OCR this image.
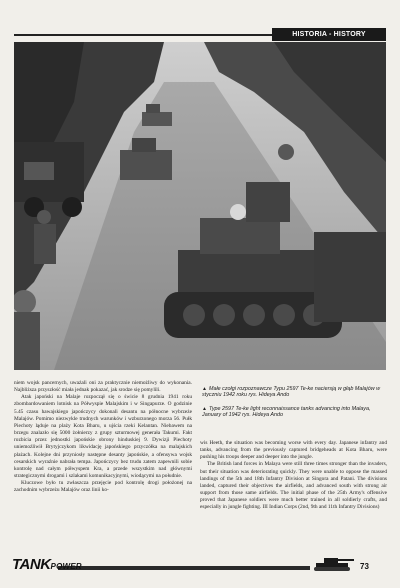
HISTORIA - HISTORY
▲ Małe czołgi rozpoznawcze Typu 2597 Te-ke naciersją w głąb Malajów w styczniu 1942 roku rys. Hideya Ando
▲ Type 2597 Te-ke light reconnaissance tanks advancing into Malaya, January of 1942 rys. Hideya Ando

niem wojsk pancernych, uważali oni za praktycznie niemożliwy do wykonania. Najbliższa przyszłość miała jednak pokazać, jak srodze się pomylili.

Atak japoński na Malaje rozpoczął się o świcie 8 grudnia 1941 roku zbombardowaniem lotnisk na Półwyspie Malajskim i w Singapurze. O godzinie 5.45 czasu hawajskiego japończycy dokonali desantu na północne wybrzeże Malajów. Pomimo niezwykle trudnych warunków i wzburzonego morza 56. Pułk Piechoty ląduje na plaży Kota Bharu, u ujścia rzeki Kelantan. Niebawem na brzegu znalazło się 5000 żołnierzy z grupy szturmowej generała Takumi. Fakt rozbicia przez jednostki japońskie obrony hinduskiej 9. Dywizji Piechoty uniemożliwił Brytyjczykom likwidację japońskiego przyczółka na malajskich plażach. Kolejne dni przyniosły następne desanty japońskie, a ofensywa wojsk cesarskich wyraźnie nabrała tempa. Japończycy bez trudu zatem zapewnili sobie kontrolę nad całym półwyspem Kra, a przede wszystkim nad głównymi strategicznymi drogami i szlakami komunikacyjnymi, wiodącymi na południe.

Kluczowe było tu zwłaszcza przejęcie pod kontrolę drogi położonej na zachodnim wybrzeżu Malajów oraz linii ko-

wis Heeth, the situation was becoming worse with every day. Japanese infantry and tanks, advancing from the previously captured bridgeheads at Kota Bharu, were pushing his troops deeper and deeper into the jungle.

The British land forces in Malaya were still three times stronger than the invaders, but their situation was deteriorating quickly. They were unable to oppose the massed landings of the 5th and 18th Infantry Division at Singora and Patani. The divisions landed, captured their objectives the airfields, and advanced south with strong air support from those same airfields. The initial phase of the 25th Army's offensive proved that Japanese soldiers were much better trained in all soldierly crafts, and especially in jungle fighting. III Indian Corps (2nd, 9th and 11th Infantry Divisions)

TANKPOWER	73
